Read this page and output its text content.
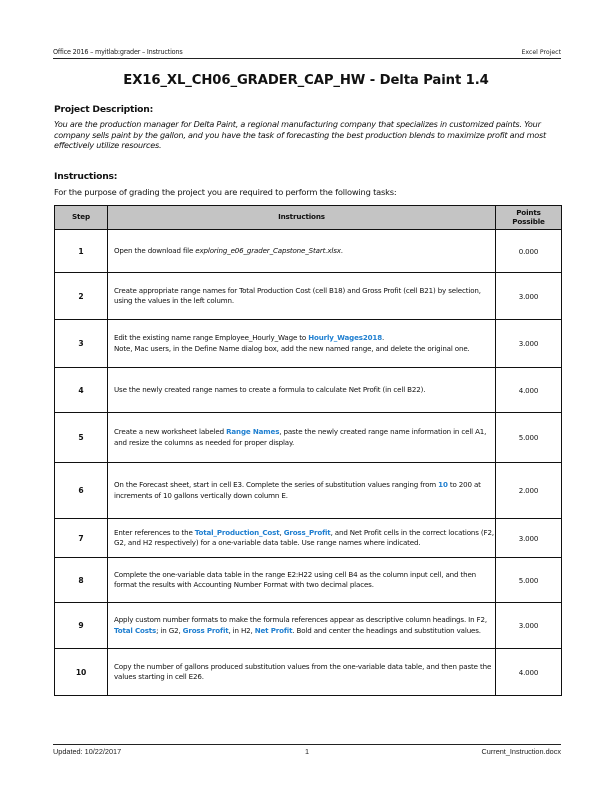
Office 2016 – myitlab:grader – Instructions	Excel Project
EX16_XL_CH06_GRADER_CAP_HW - Delta Paint 1.4
Project Description:
You are the production manager for Delta Paint, a regional manufacturing company that specializes in customized paints. Your company sells paint by the gallon, and you have the task of forecasting the best production blends to maximize profit and most effectively utilize resources.
Instructions:
For the purpose of grading the project you are required to perform the following tasks:
Step	Instructions	Points
Possible
1	Open the download file exploring_e06_grader_Capstone_Start.xlsx.	0.000
2	Create appropriate range names for Total Production Cost (cell B18) and Gross Profit (cell B21) by selection, using the values in the left column.	3.000
3	Edit the existing name range Employee_Hourly_Wage to Hourly_Wages2018.
Note, Mac users, in the Define Name dialog box, add the new named range, and delete the original one.	3.000
4	Use the newly created range names to create a formula to calculate Net Profit (in cell B22).	4.000
5	Create a new worksheet labeled Range Names, paste the newly created range name information in cell A1, and resize the columns as needed for proper display.	5.000
6	On the Forecast sheet, start in cell E3. Complete the series of substitution values ranging from 10 to 200 at increments of 10 gallons vertically down column E.	2.000
7	Enter references to the Total_Production_Cost, Gross_Profit, and Net Profit cells in the correct locations (F2, G2, and H2 respectively) for a one-variable data table. Use range names where indicated.	3.000
8	Complete the one-variable data table in the range E2:H22 using cell B4 as the column input cell, and then format the results with Accounting Number Format with two decimal places.	5.000
9	Apply custom number formats to make the formula references appear as descriptive column headings. In F2, Total Costs; in G2, Gross Profit, in H2, Net Profit. Bold and center the headings and substitution values.	3.000
10	Copy the number of gallons produced substitution values from the one-variable data table, and then paste the values starting in cell E26.	4.000
Updated: 10/22/2017	1	Current_Instruction.docx
